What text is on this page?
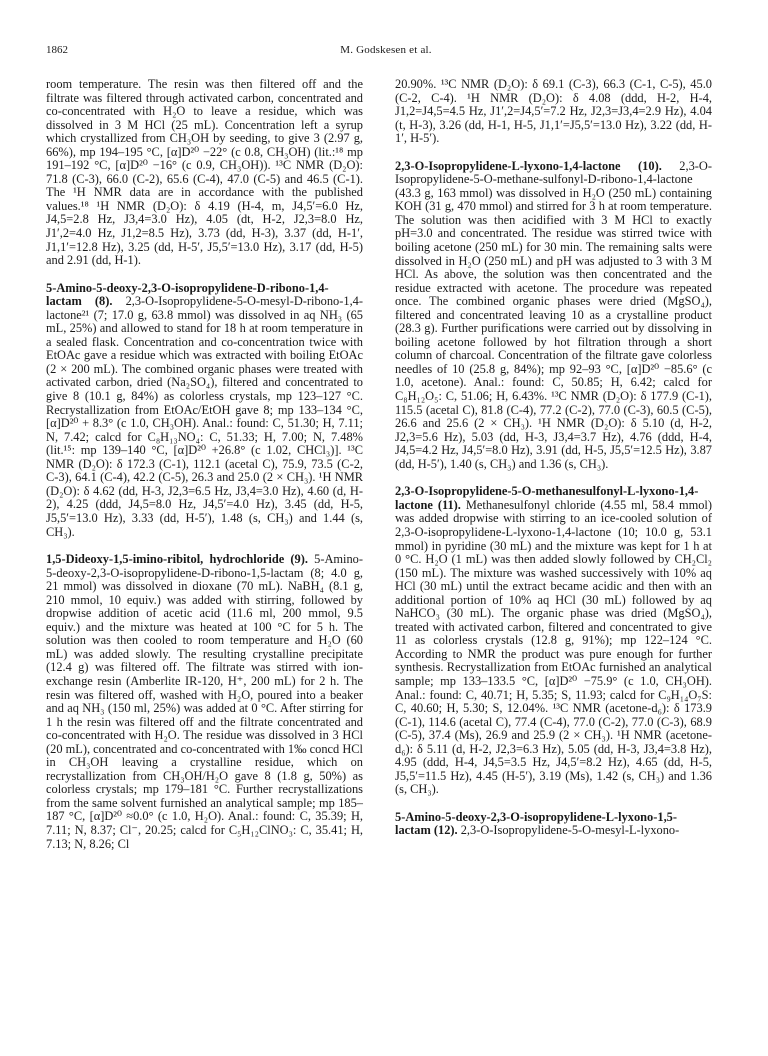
1862	M. Godskesen et al.

room temperature. The resin was then filtered off and the filtrate was filtered through activated carbon, concentrated and co-concentrated with H₂O to leave a residue, which was dissolved in 3 M HCl (25 mL). Concentration left a syrup which crystallized from CH₃OH by seeding, to give 3 (2.97 g, 66%), mp 194–195 °C, [α]D²⁰ −22° (c 0.8, CH₃OH) (lit.:¹⁸ mp 191–192 °C, [α]D²⁰ −16° (c 0.9, CH₃OH)). ¹³C NMR (D₂O): 71.8 (C-3), 66.0 (C-2), 65.6 (C-4), 47.0 (C-5) and 46.5 (C-1). The ¹H NMR data are in accordance with the published values.¹⁸ ¹H NMR (D₂O): δ 4.19 (H-4, m, J4,5′=6.0 Hz, J4,5=2.8 Hz, J3,4=3.0 Hz), 4.05 (dt, H-2, J2,3=8.0 Hz, J1′,2=4.0 Hz, J1,2=8.5 Hz), 3.73 (dd, H-3), 3.37 (dd, H-1′, J1,1′=12.8 Hz), 3.25 (dd, H-5′, J5,5′=13.0 Hz), 3.17 (dd, H-5) and 2.91 (dd, H-1).

5-Amino-5-deoxy-2,3-O-isopropylidene-D-ribono-1,4-lactam (8). 2,3-O-Isopropylidene-5-O-mesyl-D-ribono-1,4-lactone²¹ (7; 17.0 g, 63.8 mmol) was dissolved in aq NH₃ (65 mL, 25%) and allowed to stand for 18 h at room temperature in a sealed flask. Concentration and co-concentration twice with EtOAc gave a residue which was extracted with boiling EtOAc (2 × 200 mL). The combined organic phases were treated with activated carbon, dried (Na₂SO₄), filtered and concentrated to give 8 (10.1 g, 84%) as colorless crystals, mp 123–127 °C. Recrystallization from EtOAc/EtOH gave 8; mp 133–134 °C, [α]D²⁰ + 8.3° (c 1.0, CH₃OH). Anal.: found: C, 51.30; H, 7.11; N, 7.42; calcd for C₈H₁₃NO₄: C, 51.33; H, 7.00; N, 7.48% (lit.¹⁵: mp 139–140 °C, [α]D²⁰ +26.8° (c 1.02, CHCl₃)]. ¹³C NMR (D₂O): δ 172.3 (C-1), 112.1 (acetal C), 75.9, 73.5 (C-2, C-3), 64.1 (C-4), 42.2 (C-5), 26.3 and 25.0 (2 × CH₃). ¹H NMR (D₂O): δ 4.62 (dd, H-3, J2,3=6.5 Hz, J3,4=3.0 Hz), 4.60 (d, H-2), 4.25 (ddd, J4,5=8.0 Hz, J4,5′=4.0 Hz), 3.45 (dd, H-5, J5,5′=13.0 Hz), 3.33 (dd, H-5′), 1.48 (s, CH₃) and 1.44 (s, CH₃).

1,5-Dideoxy-1,5-imino-ribitol, hydrochloride (9). 5-Amino-5-deoxy-2,3-O-isopropylidene-D-ribono-1,5-lactam (8; 4.0 g, 21 mmol) was dissolved in dioxane (70 mL). NaBH₄ (8.1 g, 210 mmol, 10 equiv.) was added with stirring, followed by dropwise addition of acetic acid (11.6 ml, 200 mmol, 9.5 equiv.) and the mixture was heated at 100 °C for 5 h. The solution was then cooled to room temperature and H₂O (60 mL) was added slowly. The resulting crystalline precipitate (12.4 g) was filtered off. The filtrate was stirred with ion-exchange resin (Amberlite IR-120, H⁺, 200 mL) for 2 h. The resin was filtered off, washed with H₂O, poured into a beaker and aq NH₃ (150 ml, 25%) was added at 0 °C. After stirring for 1 h the resin was filtered off and the filtrate concentrated and co-concentrated with H₂O. The residue was dissolved in 3 HCl (20 mL), concentrated and co-concentrated with 1‰ concd HCl in CH₃OH leaving a crystalline residue, which on recrystallization from CH₃OH/H₂O gave 8 (1.8 g, 50%) as colorless crystals; mp 179–181 °C. Further recrystallizations from the same solvent furnished an analytical sample; mp 185–187 °C, [α]D²⁰ ≈0.0° (c 1.0, H₂O). Anal.: found: C, 35.39; H, 7.11; N, 8.37; Cl⁻, 20.25; calcd for C₅H₁₂ClNO₃: C, 35.41; H, 7.13; N, 8.26; Cl

20.90%. ¹³C NMR (D₂O): δ 69.1 (C-3), 66.3 (C-1, C-5), 45.0 (C-2, C-4). ¹H NMR (D₂O): δ 4.08 (ddd, H-2, H-4, J1,2=J4,5=4.5 Hz, J1′,2=J4,5′=7.2 Hz, J2,3=J3,4=2.9 Hz), 4.04 (t, H-3), 3.26 (dd, H-1, H-5, J1,1′=J5,5′=13.0 Hz), 3.22 (dd, H-1′, H-5′).

2,3-O-Isopropylidene-L-lyxono-1,4-lactone (10). 2,3-O-Isopropylidene-5-O-methane-sulfonyl-D-ribono-1,4-lactone (43.3 g, 163 mmol) was dissolved in H₂O (250 mL) containing KOH (31 g, 470 mmol) and stirred for 3 h at room temperature. The solution was then acidified with 3 M HCl to exactly pH=3.0 and concentrated. The residue was stirred twice with boiling acetone (250 mL) for 30 min. The remaining salts were dissolved in H₂O (250 mL) and pH was adjusted to 3 with 3 M HCl. As above, the solution was then concentrated and the residue extracted with acetone. The procedure was repeated once. The combined organic phases were dried (MgSO₄), filtered and concentrated leaving 10 as a crystalline product (28.3 g). Further purifications were carried out by dissolving in boiling acetone followed by hot filtration through a short column of charcoal. Concentration of the filtrate gave colorless needles of 10 (25.8 g, 84%); mp 92–93 °C, [α]D²⁰ −85.6° (c 1.0, acetone). Anal.: found: C, 50.85; H, 6.42; calcd for C₈H₁₂O₅: C, 51.06; H, 6.43%. ¹³C NMR (D₂O): δ 177.9 (C-1), 115.5 (acetal C), 81.8 (C-4), 77.2 (C-2), 77.0 (C-3), 60.5 (C-5), 26.6 and 25.6 (2 × CH₃). ¹H NMR (D₂O): δ 5.10 (d, H-2, J2,3=5.6 Hz), 5.03 (dd, H-3, J3,4=3.7 Hz), 4.76 (ddd, H-4, J4,5=4.2 Hz, J4,5′=8.0 Hz), 3.91 (dd, H-5, J5,5′=12.5 Hz), 3.87 (dd, H-5′), 1.40 (s, CH₃) and 1.36 (s, CH₃).

2,3-O-Isopropylidene-5-O-methanesulfonyl-L-lyxono-1,4-lactone (11). Methanesulfonyl chloride (4.55 ml, 58.4 mmol) was added dropwise with stirring to an ice-cooled solution of 2,3-O-isopropylidene-L-lyxono-1,4-lactone (10; 10.0 g, 53.1 mmol) in pyridine (30 mL) and the mixture was kept for 1 h at 0 °C. H₂O (1 mL) was then added slowly followed by CH₂Cl₂ (150 mL). The mixture was washed successively with 10% aq HCl (30 mL) until the extract became acidic and then with an additional portion of 10% aq HCl (30 mL) followed by aq NaHCO₃ (30 mL). The organic phase was dried (MgSO₄), treated with activated carbon, filtered and concentrated to give 11 as colorless crystals (12.8 g, 91%); mp 122–124 °C. According to NMR the product was pure enough for further synthesis. Recrystallization from EtOAc furnished an analytical sample; mp 133–133.5 °C, [α]D²⁰ −75.9° (c 1.0, CH₃OH). Anal.: found: C, 40.71; H, 5.35; S, 11.93; calcd for C₉H₁₄O₇S: C, 40.60; H, 5.30; S, 12.04%. ¹³C NMR (acetone-d₆): δ 173.9 (C-1), 114.6 (acetal C), 77.4 (C-4), 77.0 (C-2), 77.0 (C-3), 68.9 (C-5), 37.4 (Ms), 26.9 and 25.9 (2 × CH₃). ¹H NMR (acetone-d₆): δ 5.11 (d, H-2, J2,3=6.3 Hz), 5.05 (dd, H-3, J3,4=3.8 Hz), 4.95 (ddd, H-4, J4,5=3.5 Hz, J4,5′=8.2 Hz), 4.65 (dd, H-5, J5,5′=11.5 Hz), 4.45 (H-5′), 3.19 (Ms), 1.42 (s, CH₃) and 1.36 (s, CH₃).

5-Amino-5-deoxy-2,3-O-isopropylidene-L-lyxono-1,5-lactam (12). 2,3-O-Isopropylidene-5-O-mesyl-L-lyxono-
